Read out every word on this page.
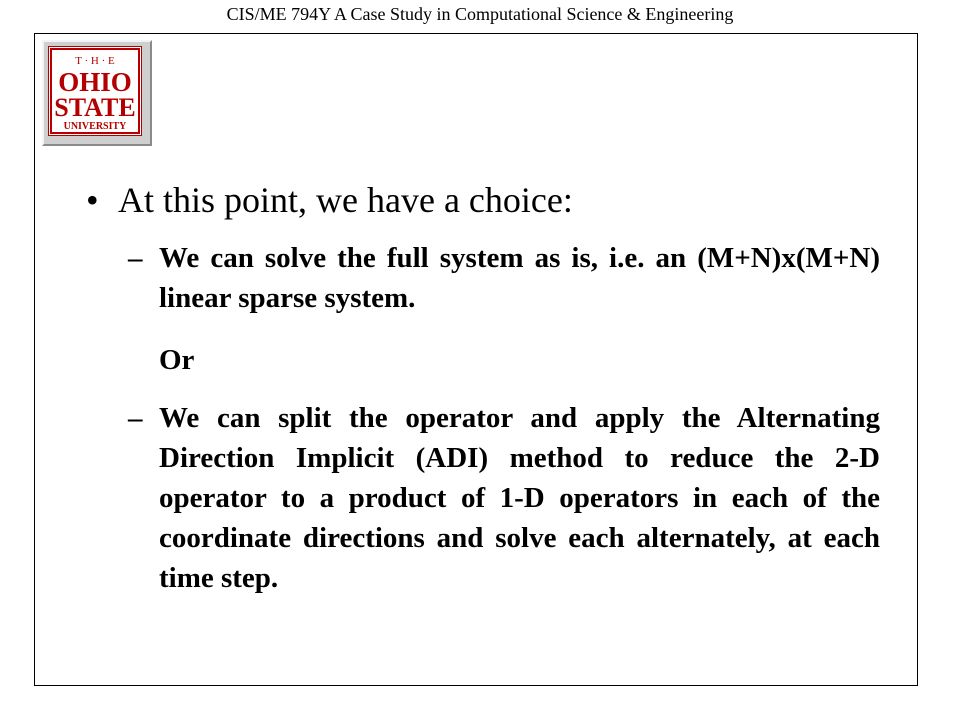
CIS/ME 794Y A Case Study in Computational Science & Engineering
T · H · E
OHIO
STATE
UNIVERSITY
• At this point, we have a choice:
– We can solve the full system as is, i.e. an (M+N)x(M+N) linear sparse system.
Or
– We can split the operator and apply the Alternating Direction Implicit (ADI) method to reduce the 2-D operator to a product of 1-D operators in each of the coordinate directions and solve each alternately, at each time step.
